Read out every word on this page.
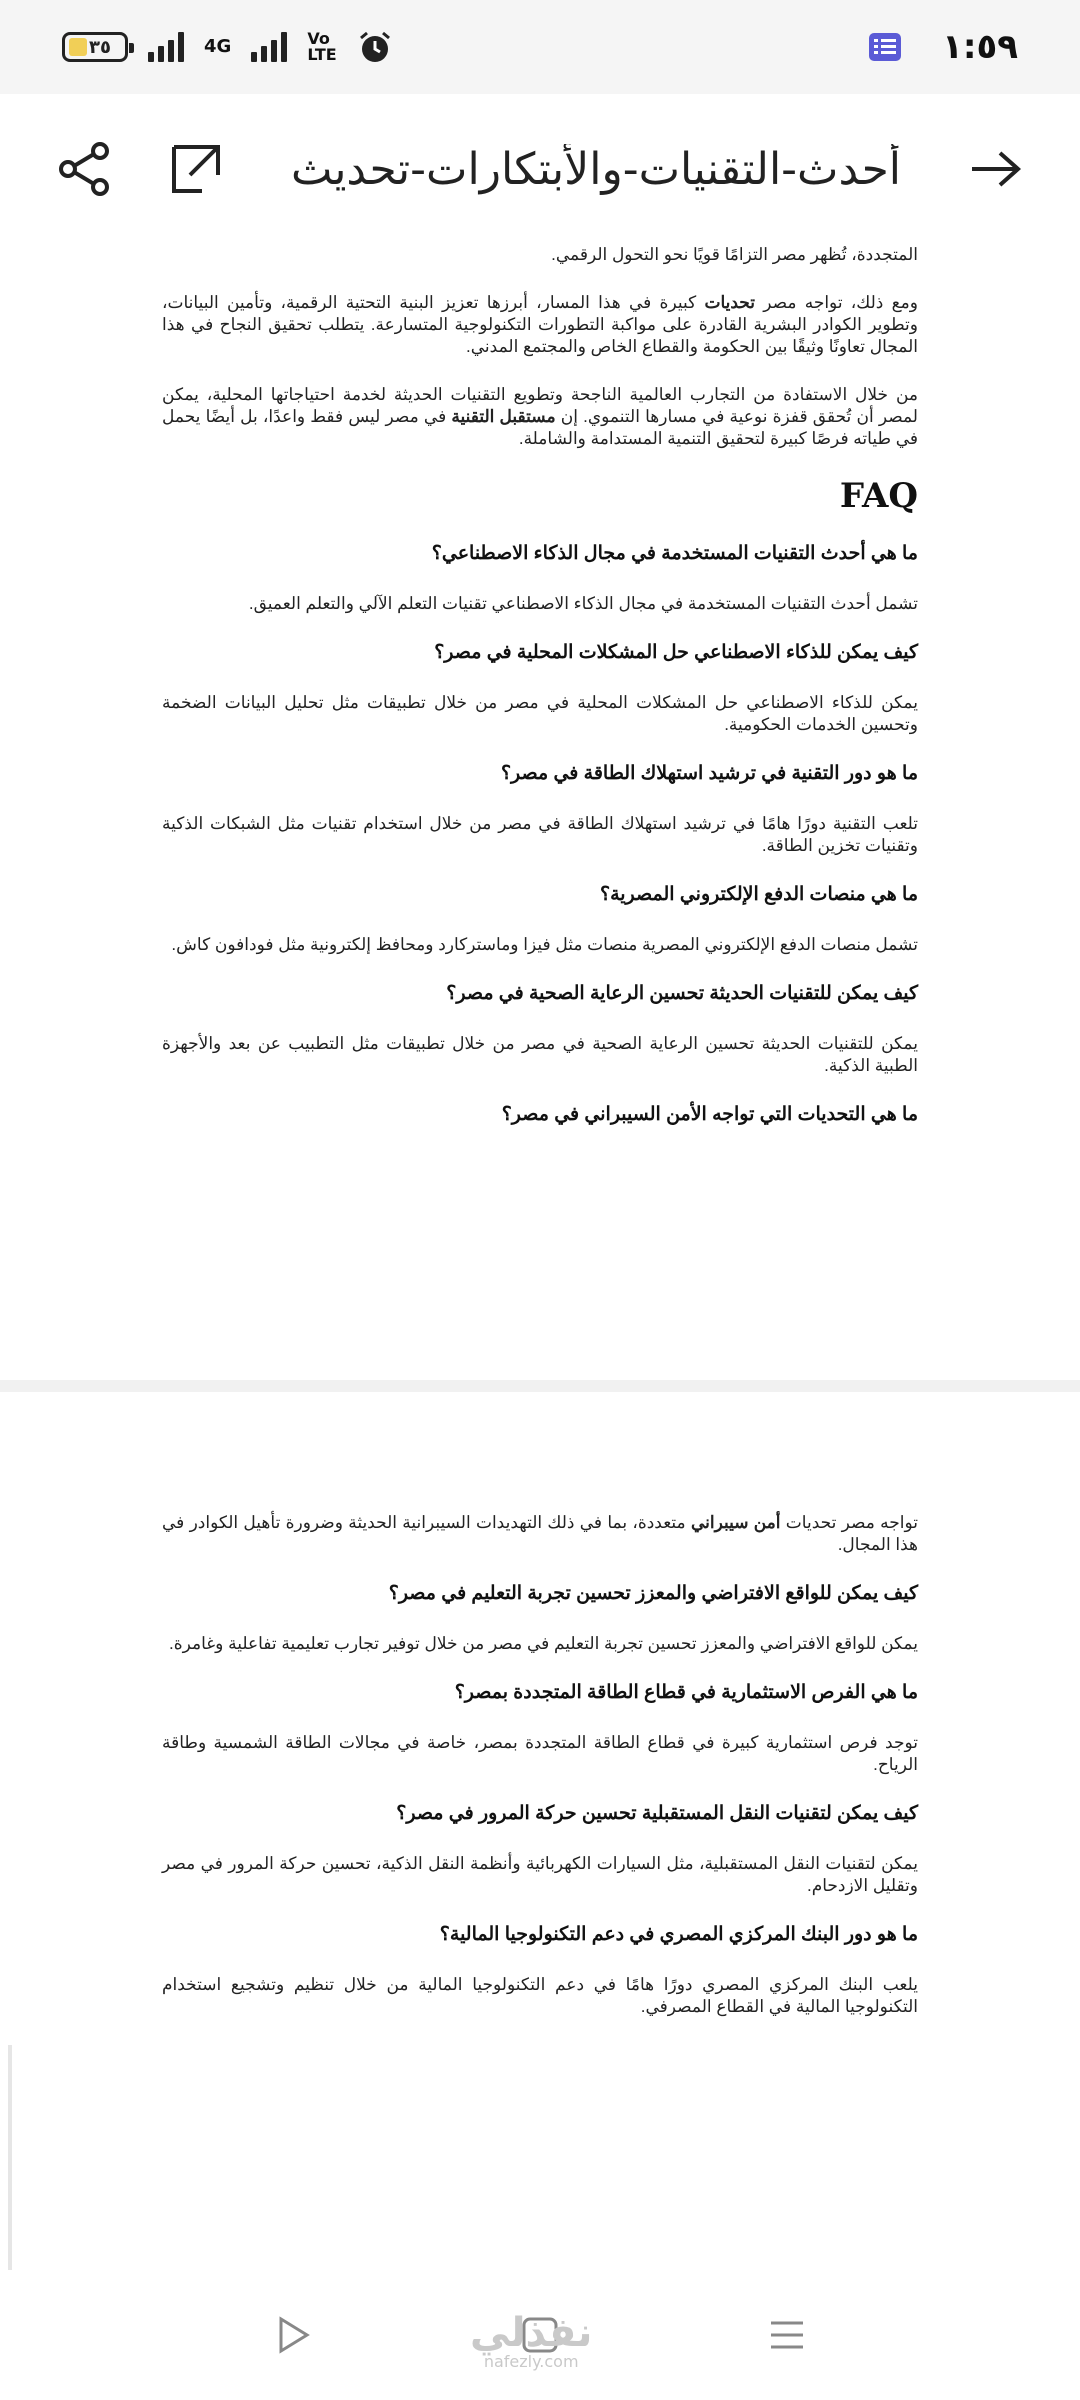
٣٥	4G	Vo
LTE	١:٥٩
أحدث-التقنيات-والأبتكارات-تحديث

المتجددة، تُظهر مصر التزامًا قويًا نحو التحول الرقمي.

ومع ذلك، تواجه مصر تحديات كبيرة في هذا المسار، أبرزها تعزيز البنية التحتية الرقمية، وتأمين البيانات، وتطوير الكوادر البشرية القادرة على مواكبة التطورات التكنولوجية المتسارعة. يتطلب تحقيق النجاح في هذا المجال تعاونًا وثيقًا بين الحكومة والقطاع الخاص والمجتمع المدني.

من خلال الاستفادة من التجارب العالمية الناجحة وتطويع التقنيات الحديثة لخدمة احتياجاتها المحلية، يمكن لمصر أن تُحقق قفزة نوعية في مسارها التنموي. إن مستقبل التقنية في مصر ليس فقط واعدًا، بل أيضًا يحمل في طياته فرصًا كبيرة لتحقيق التنمية المستدامة والشاملة.

FAQ
ما هي أحدث التقنيات المستخدمة في مجال الذكاء الاصطناعي؟

تشمل أحدث التقنيات المستخدمة في مجال الذكاء الاصطناعي تقنيات التعلم الآلي والتعلم العميق.

كيف يمكن للذكاء الاصطناعي حل المشكلات المحلية في مصر؟

يمكن للذكاء الاصطناعي حل المشكلات المحلية في مصر من خلال تطبيقات مثل تحليل البيانات الضخمة وتحسين الخدمات الحكومية.

ما هو دور التقنية في ترشيد استهلاك الطاقة في مصر؟

تلعب التقنية دورًا هامًا في ترشيد استهلاك الطاقة في مصر من خلال استخدام تقنيات مثل الشبكات الذكية وتقنيات تخزين الطاقة.

ما هي منصات الدفع الإلكتروني المصرية؟

تشمل منصات الدفع الإلكتروني المصرية منصات مثل فيزا وماستركارد ومحافظ إلكترونية مثل فودافون كاش.

كيف يمكن للتقنيات الحديثة تحسين الرعاية الصحية في مصر؟

يمكن للتقنيات الحديثة تحسين الرعاية الصحية في مصر من خلال تطبيقات مثل التطبيب عن بعد والأجهزة الطبية الذكية.

ما هي التحديات التي تواجه الأمن السيبراني في مصر؟

تواجه مصر تحديات أمن سيبراني متعددة، بما في ذلك التهديدات السيبرانية الحديثة وضرورة تأهيل الكوادر في هذا المجال.

كيف يمكن للواقع الافتراضي والمعزز تحسين تجربة التعليم في مصر؟

يمكن للواقع الافتراضي والمعزز تحسين تجربة التعليم في مصر من خلال توفير تجارب تعليمية تفاعلية وغامرة.

ما هي الفرص الاستثمارية في قطاع الطاقة المتجددة بمصر؟

توجد فرص استثمارية كبيرة في قطاع الطاقة المتجددة بمصر، خاصة في مجالات الطاقة الشمسية وطاقة الرياح.

كيف يمكن لتقنيات النقل المستقبلية تحسين حركة المرور في مصر؟

يمكن لتقنيات النقل المستقبلية، مثل السيارات الكهربائية وأنظمة النقل الذكية، تحسين حركة المرور في مصر وتقليل الازدحام.

ما هو دور البنك المركزي المصري في دعم التكنولوجيا المالية؟

يلعب البنك المركزي المصري دورًا هامًا في دعم التكنولوجيا المالية من خلال تنظيم وتشجيع استخدام التكنولوجيا المالية في القطاع المصرفي.

نفذلي
nafezly.com
